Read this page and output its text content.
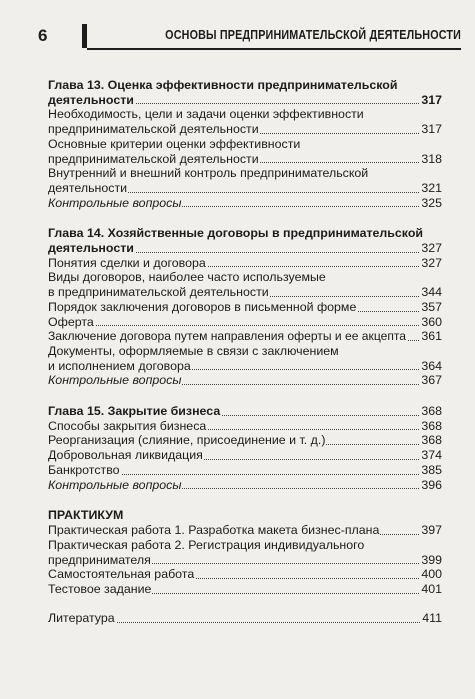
6	ОСНОВЫ ПРЕДПРИНИМАТЕЛЬСКОЙ ДЕЯТЕЛЬНОСТИ
Глава 13. Оценка эффективности предпринимательской
деятельности	317
Необходимость, цели и задачи оценки эффективности
предпринимательской деятельности	317
Основные критерии оценки эффективности
предпринимательской деятельности	318
Внутренний и внешний контроль предпринимательской
деятельности	321
Контрольные вопросы	325
Глава 14. Хозяйственные договоры в предпринимательской
деятельности	327
Понятия сделки и договора	327
Виды договоров, наиболее часто используемые
в предпринимательской деятельности	344
Порядок заключения договоров в письменной форме	357
Оферта	360
Заключение договора путем направления оферты и ее акцепта	361
Документы, оформляемые в связи с заключением
и исполнением договора	364
Контрольные вопросы	367
Глава 15. Закрытие бизнеса	368
Способы закрытия бизнеса	368
Реорганизация (слияние, присоединение и т. д.)	368
Добровольная ликвидация	374
Банкротство	385
Контрольные вопросы	396
ПРАКТИКУМ
Практическая работа 1. Разработка макета бизнес-плана	397
Практическая работа 2. Регистрация индивидуального
предпринимателя	399
Самостоятельная работа	400
Тестовое задание	401
Литература	411
